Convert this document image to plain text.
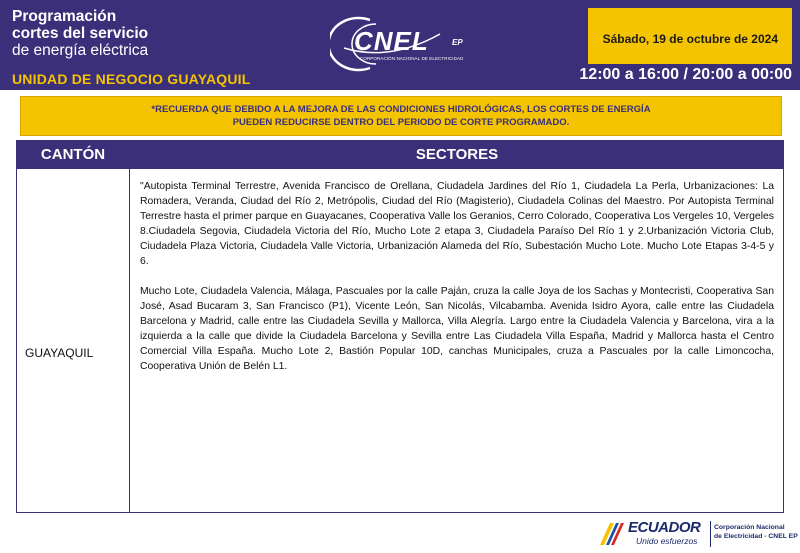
Programación
cortes del servicio
de energía eléctrica
UNIDAD DE NEGOCIO GUAYAQUIL
CNEL	EP
CORPORACIÓN NACIONAL DE ELECTRICIDAD
Sábado, 19 de octubre de 2024
12:00 a 16:00 / 20:00 a 00:00
*RECUERDA QUE DEBIDO A LA MEJORA DE LAS CONDICIONES HIDROLÓGICAS, LOS CORTES DE ENERGÍA
PUEDEN REDUCIRSE DENTRO DEL PERIODO DE CORTE PROGRAMADO.
CANTÓN	SECTORES
GUAYAQUIL

"Autopista Terminal Terrestre, Avenida Francisco de Orellana, Ciudadela Jardines del Río 1, Ciudadela La Perla, Urbanizaciones: La Romadera, Veranda, Ciudad del Río 2, Metrópolis, Ciudad del Río (Magisterio), Ciudadela Colinas del Maestro. Por Autopista Terminal Terrestre hasta el primer parque en Guayacanes, Cooperativa Valle los Geranios, Cerro Colorado, Cooperativa Los Vergeles 10, Vergeles 8.Ciudadela Segovia, Ciudadela Victoria del Río, Mucho Lote 2 etapa 3, Ciudadela Paraíso Del Río 1 y 2.Urbanización Victoria Club, Ciudadela Plaza Victoria, Ciudadela Valle Victoria, Urbanización Alameda del Río, Subestación Mucho Lote. Mucho Lote Etapas 3-4-5 y 6.

Mucho Lote, Ciudadela Valencia, Málaga, Pascuales por la calle Paján, cruza la calle Joya de los Sachas y Montecristi, Cooperativa San José, Asad Bucaram 3, San Francisco (P1), Vicente León, San Nicolás, Vilcabamba. Avenida Isidro Ayora, calle entre las Ciudadela Barcelona y Madrid, calle entre las Ciudadela Sevilla y Mallorca, Villa Alegría. Largo entre la Ciudadela Valencia y Barcelona, vira a la izquierda a la calle que divide la Ciudadela Barcelona y Sevilla entre Las Ciudadela Villa España, Madrid y Mallorca hasta el Centro Comercial Villa España. Mucho Lote 2, Bastión Popular 10D, canchas Municipales, cruza a Pascuales por la calle Limoncocha, Cooperativa Unión de Belén L1.

ECUADOR
Unido esfuerzos
Corporación Nacional
de Electricidad - CNEL EP
